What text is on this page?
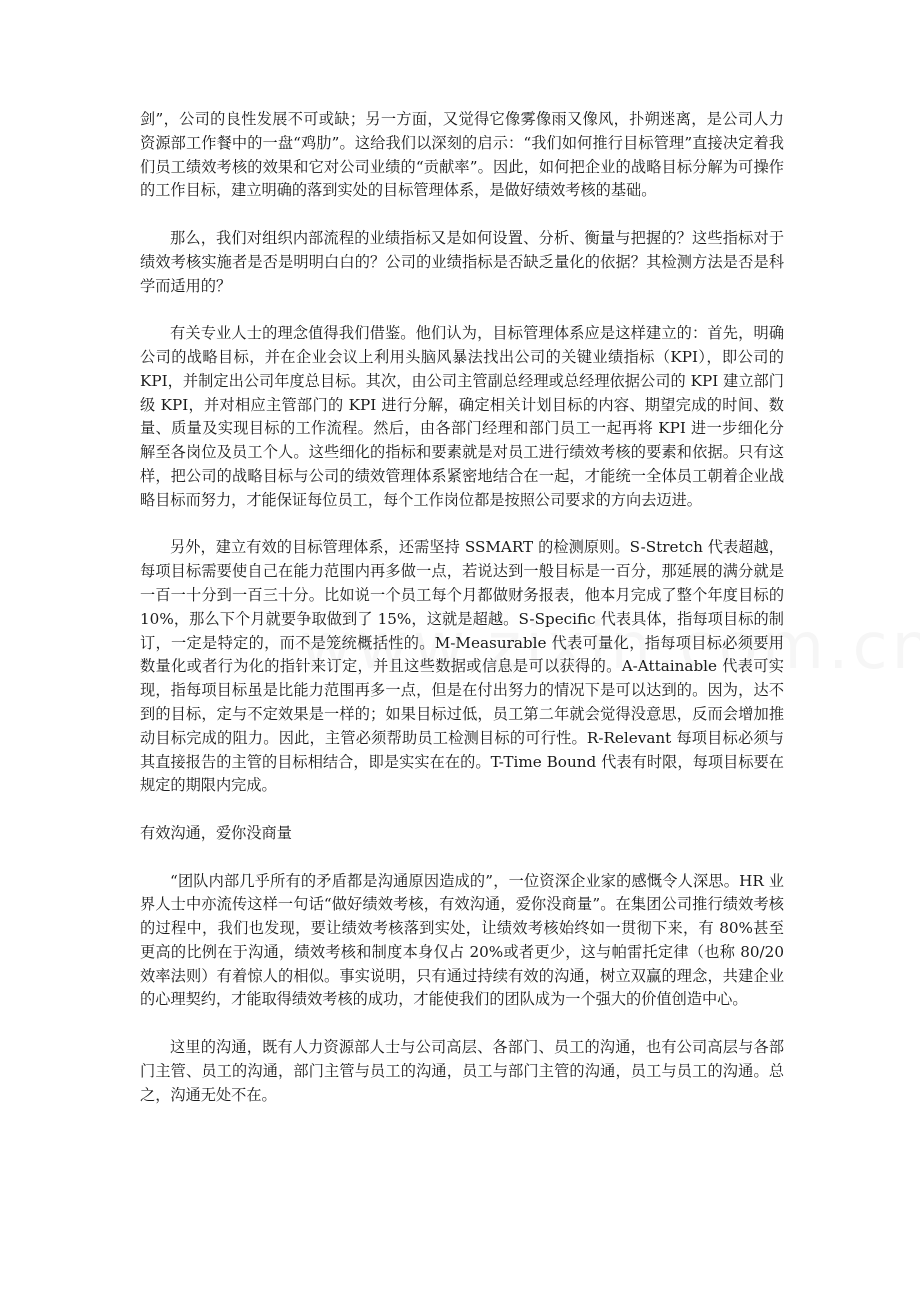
剑”，公司的良性发展不可或缺；另一方面，又觉得它像雾像雨又像风，扑朔迷离，是公司人力资源部工作餐中的一盘“鸡肋”。这给我们以深刻的启示：“我们如何推行目标管理”直接决定着我们员工绩效考核的效果和它对公司业绩的“贡献率”。因此，如何把企业的战略目标分解为可操作的工作目标，建立明确的落到实处的目标管理体系，是做好绩效考核的基础。

那么，我们对组织内部流程的业绩指标又是如何设置、分析、衡量与把握的？这些指标对于绩效考核实施者是否是明明白白的？公司的业绩指标是否缺乏量化的依据？其检测方法是否是科学而适用的？

有关专业人士的理念值得我们借鉴。他们认为，目标管理体系应是这样建立的：首先，明确公司的战略目标，并在企业会议上利用头脑风暴法找出公司的关键业绩指标（KPI），即公司的 KPI，并制定出公司年度总目标。其次，由公司主管副总经理或总经理依据公司的 KPI 建立部门级 KPI，并对相应主管部门的 KPI 进行分解，确定相关计划目标的内容、期望完成的时间、数量、质量及实现目标的工作流程。然后，由各部门经理和部门员工一起再将 KPI 进一步细化分解至各岗位及员工个人。这些细化的指标和要素就是对员工进行绩效考核的要素和依据。只有这样，把公司的战略目标与公司的绩效管理体系紧密地结合在一起，才能统一全体员工朝着企业战略目标而努力，才能保证每位员工，每个工作岗位都是按照公司要求的方向去迈进。

另外，建立有效的目标管理体系，还需坚持 SSMART 的检测原则。S-Stretch 代表超越，每项目标需要使自己在能力范围内再多做一点，若说达到一般目标是一百分，那延展的满分就是一百一十分到一百三十分。比如说一个员工每个月都做财务报表，他本月完成了整个年度目标的 10%，那么下个月就要争取做到了 15%，这就是超越。S-Specific 代表具体，指每项目标的制订，一定是特定的，而不是笼统概括性的。M-Measurable 代表可量化，指每项目标必须要用数量化或者行为化的指针来订定，并且这些数据或信息是可以获得的。A-Attainable 代表可实现，指每项目标虽是比能力范围再多一点，但是在付出努力的情况下是可以达到的。因为，达不到的目标，定与不定效果是一样的；如果目标过低，员工第二年就会觉得没意思，反而会增加推动目标完成的阻力。因此，主管必须帮助员工检测目标的可行性。R-Relevant 每项目标必须与其直接报告的主管的目标相结合，即是实实在在的。T-Time Bound 代表有时限，每项目标要在规定的期限内完成。

有效沟通，爱你没商量

“团队内部几乎所有的矛盾都是沟通原因造成的”，一位资深企业家的感慨令人深思。HR 业界人士中亦流传这样一句话“做好绩效考核，有效沟通，爱你没商量”。在集团公司推行绩效考核的过程中，我们也发现，要让绩效考核落到实处，让绩效考核始终如一贯彻下来，有 80%甚至更高的比例在于沟通，绩效考核和制度本身仅占 20%或者更少，这与帕雷托定律（也称 80/20 效率法则）有着惊人的相似。事实说明，只有通过持续有效的沟通，树立双赢的理念，共建企业的心理契约，才能取得绩效考核的成功，才能使我们的团队成为一个强大的价值创造中心。

这里的沟通，既有人力资源部人士与公司高层、各部门、员工的沟通，也有公司高层与各部门主管、员工的沟通，部门主管与员工的沟通，员工与部门主管的沟通，员工与员工的沟通。总之，沟通无处不在。
